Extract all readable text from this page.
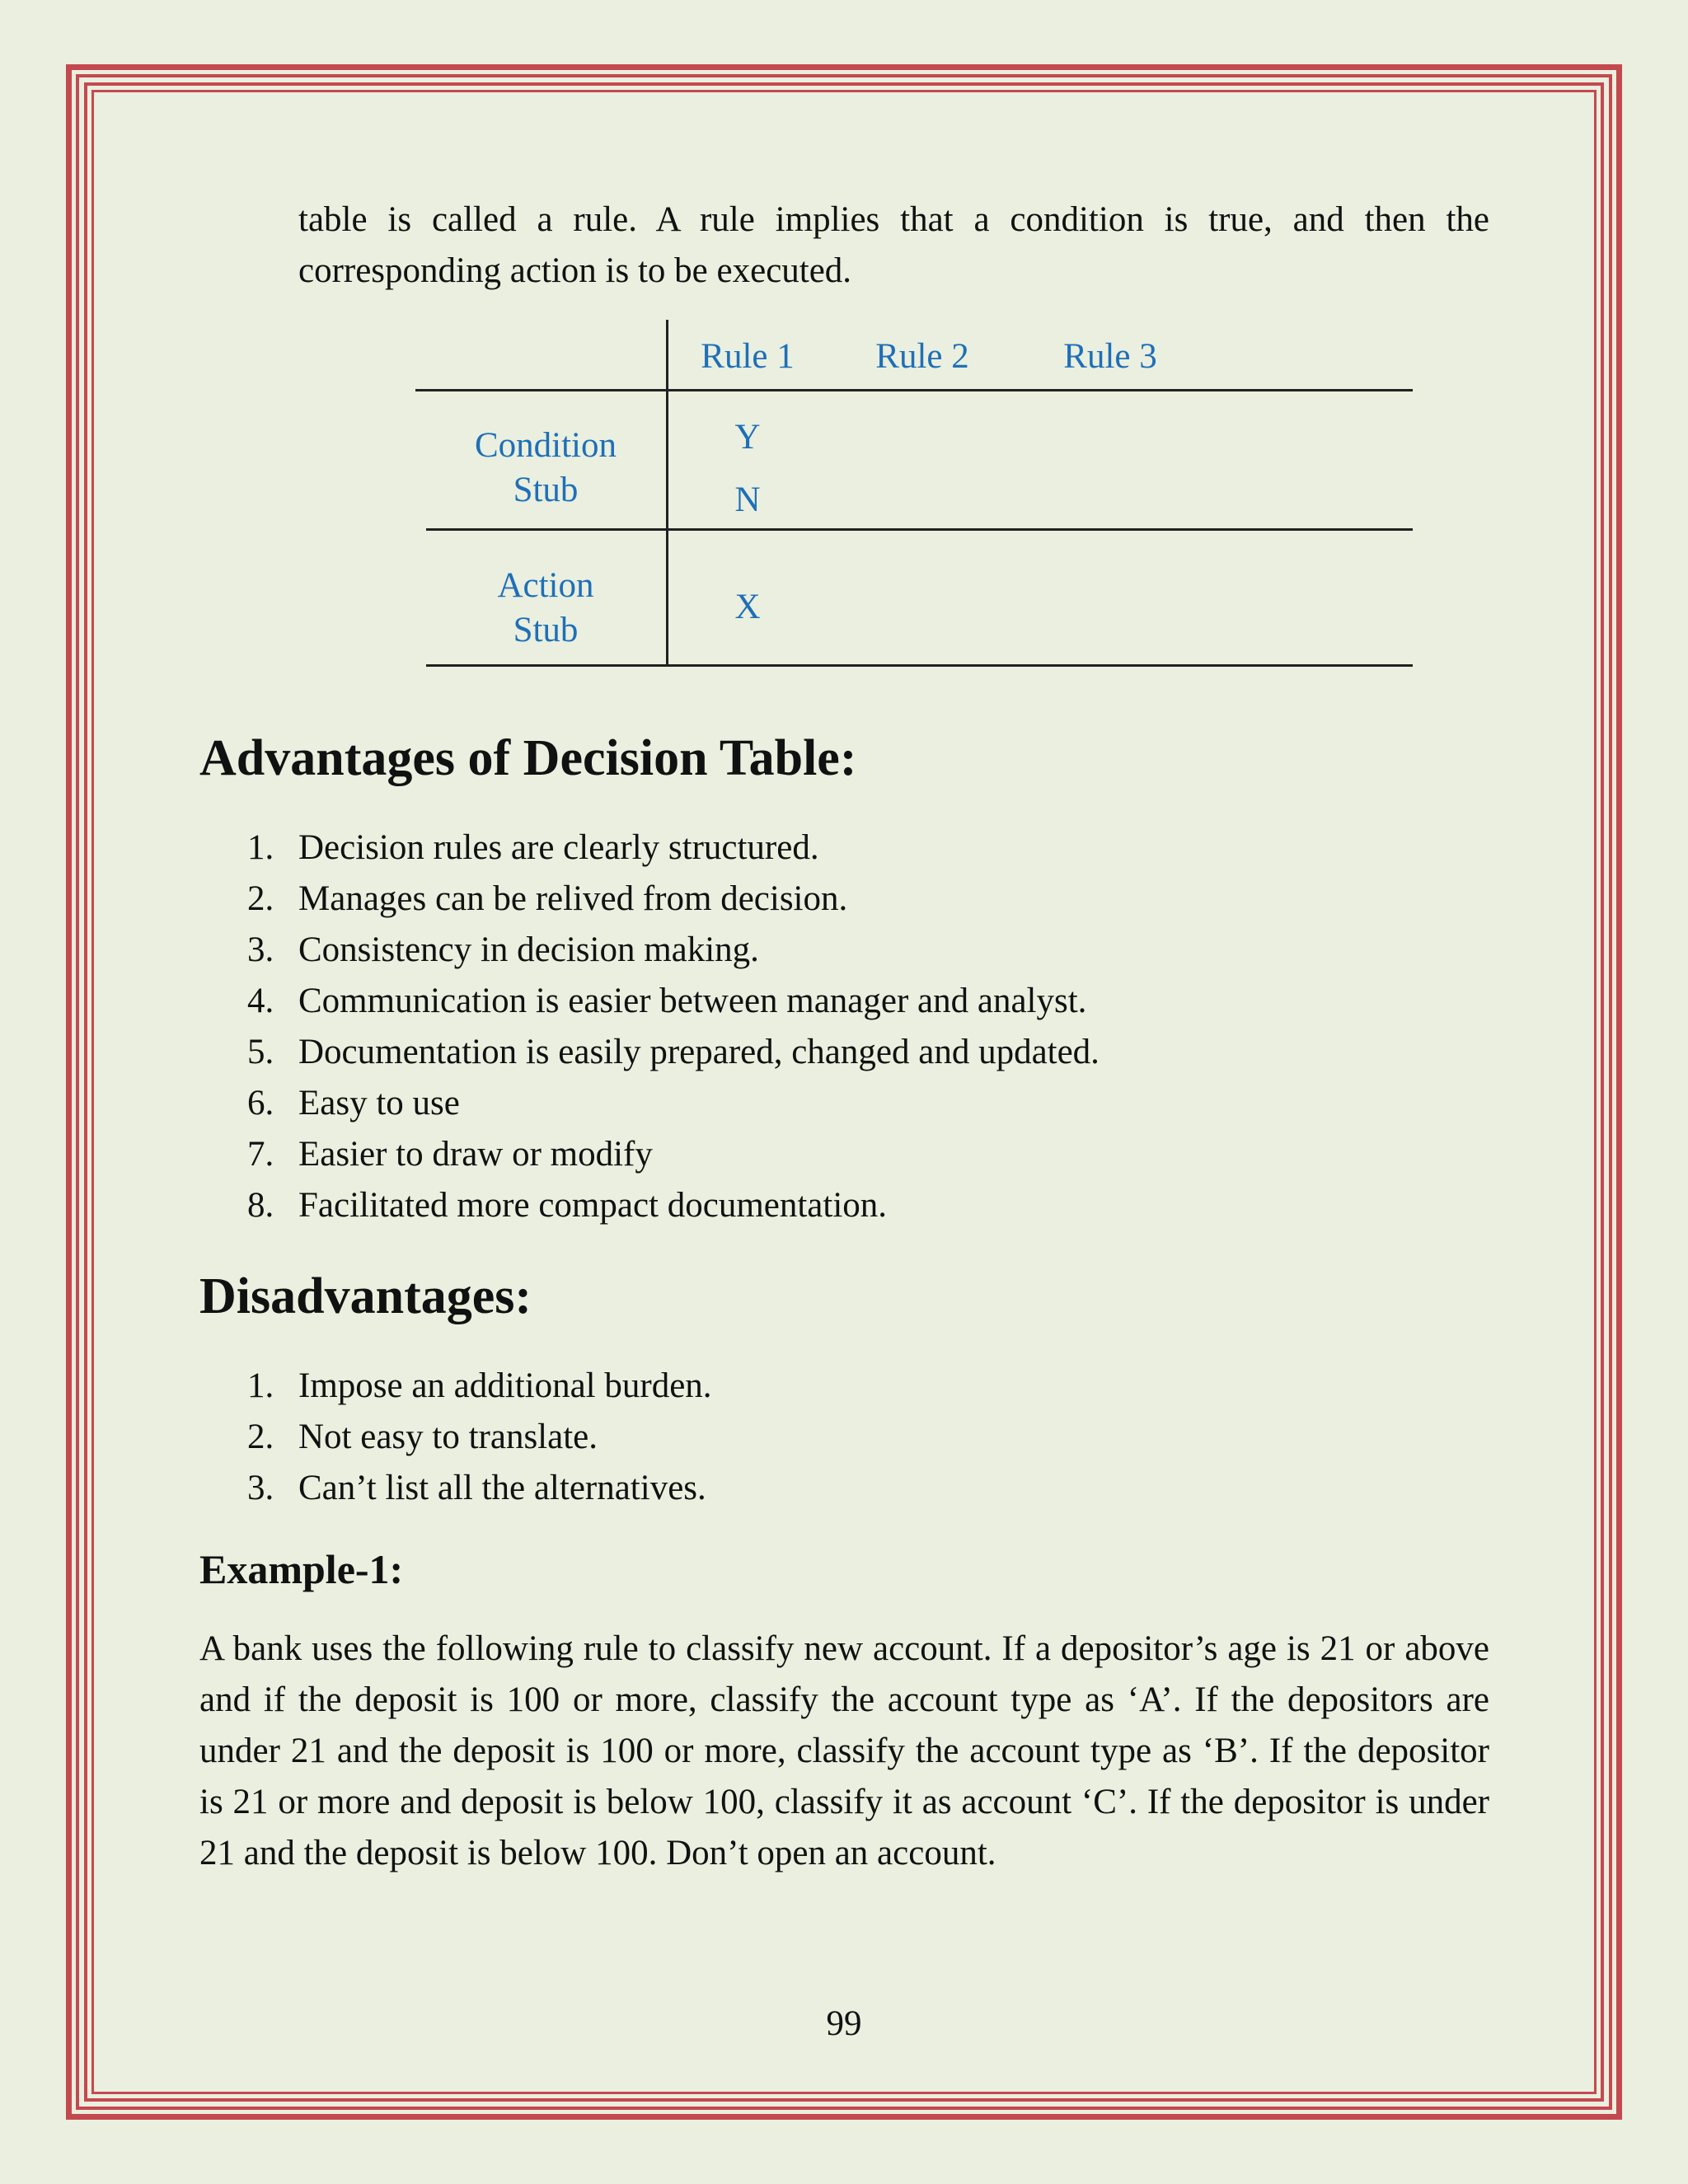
table is called a rule. A rule implies that a condition is true, and then the corresponding action is to be executed.

Rule 1	Rule 2	Rule 3
Condition
Stub
Y
N
Action
Stub
X
Advantages of Decision Table:
1. Decision rules are clearly structured.
2. Manages can be relived from decision.
3. Consistency in decision making.
4. Communication is easier between manager and analyst.
5. Documentation is easily prepared, changed and updated.
6. Easy to use
7. Easier to draw or modify
8. Facilitated more compact documentation.
Disadvantages:
1. Impose an additional burden.
2. Not easy to translate.
3. Can’t list all the alternatives.
Example-1:

A bank uses the following rule to classify new account. If a depositor’s age is 21 or above and if the deposit is 100 or more, classify the account type as ‘A’. If the depositors are under 21 and the deposit is 100 or more, classify the account type as ‘B’. If the depositor is 21 or more and deposit is below 100, classify it as account ‘C’. If the depositor is under 21 and the deposit is below 100. Don’t open an account.

99
